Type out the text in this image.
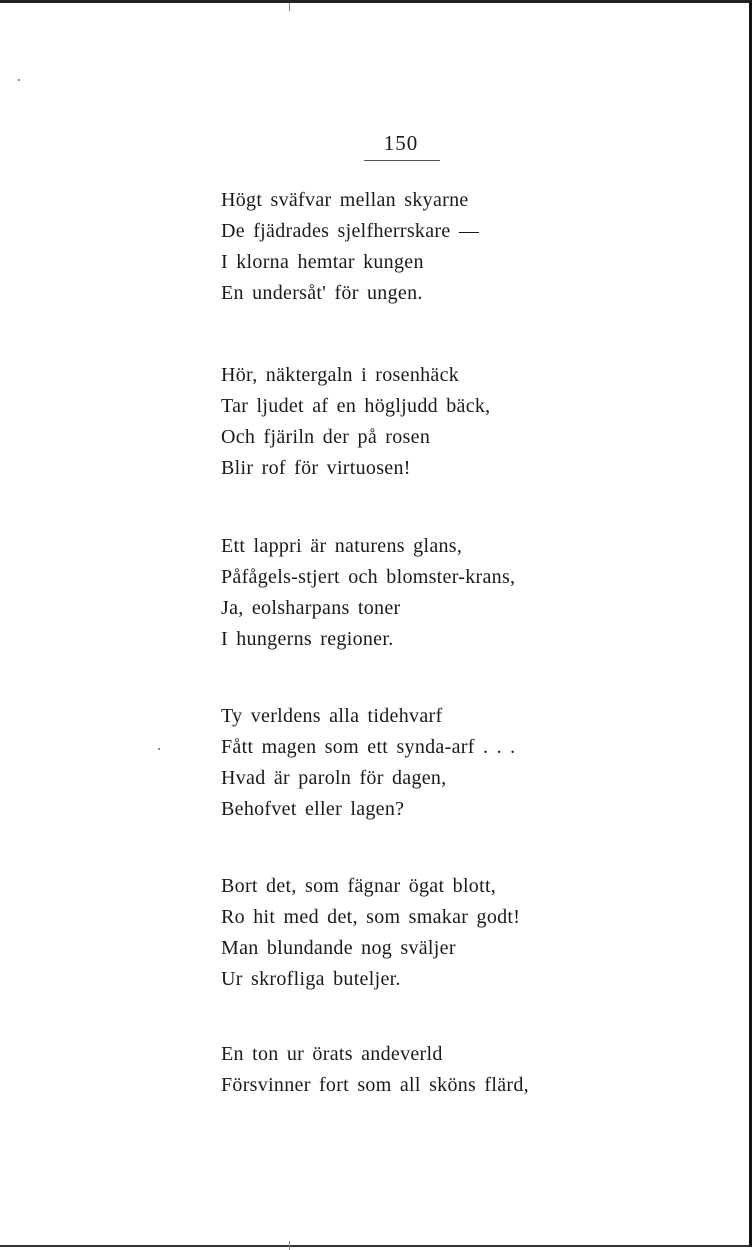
150
Högt sväfvar mellan skyarne
De fjädrades sjelfherrskare —
I klorna hemtar kungen
En undersåt' för ungen.
Hör, näktergaln i rosenhäck
Tar ljudet af en högljudd bäck,
Och fjäriln der på rosen
Blir rof för virtuosen!
Ett lappri är naturens glans,
Påfågels-stjert och blomster-krans,
Ja, eolsharpans toner
I hungerns regioner.
Ty verldens alla tidehvarf
Fått magen som ett synda-arf . . .
Hvad är paroln för dagen,
Behofvet eller lagen?
Bort det, som fägnar ögat blott,
Ro hit med det, som smakar godt!
Man blundande nog sväljer
Ur skrofliga buteljer.
En ton ur örats andeverld
Försvinner fort som all sköns flärd,
